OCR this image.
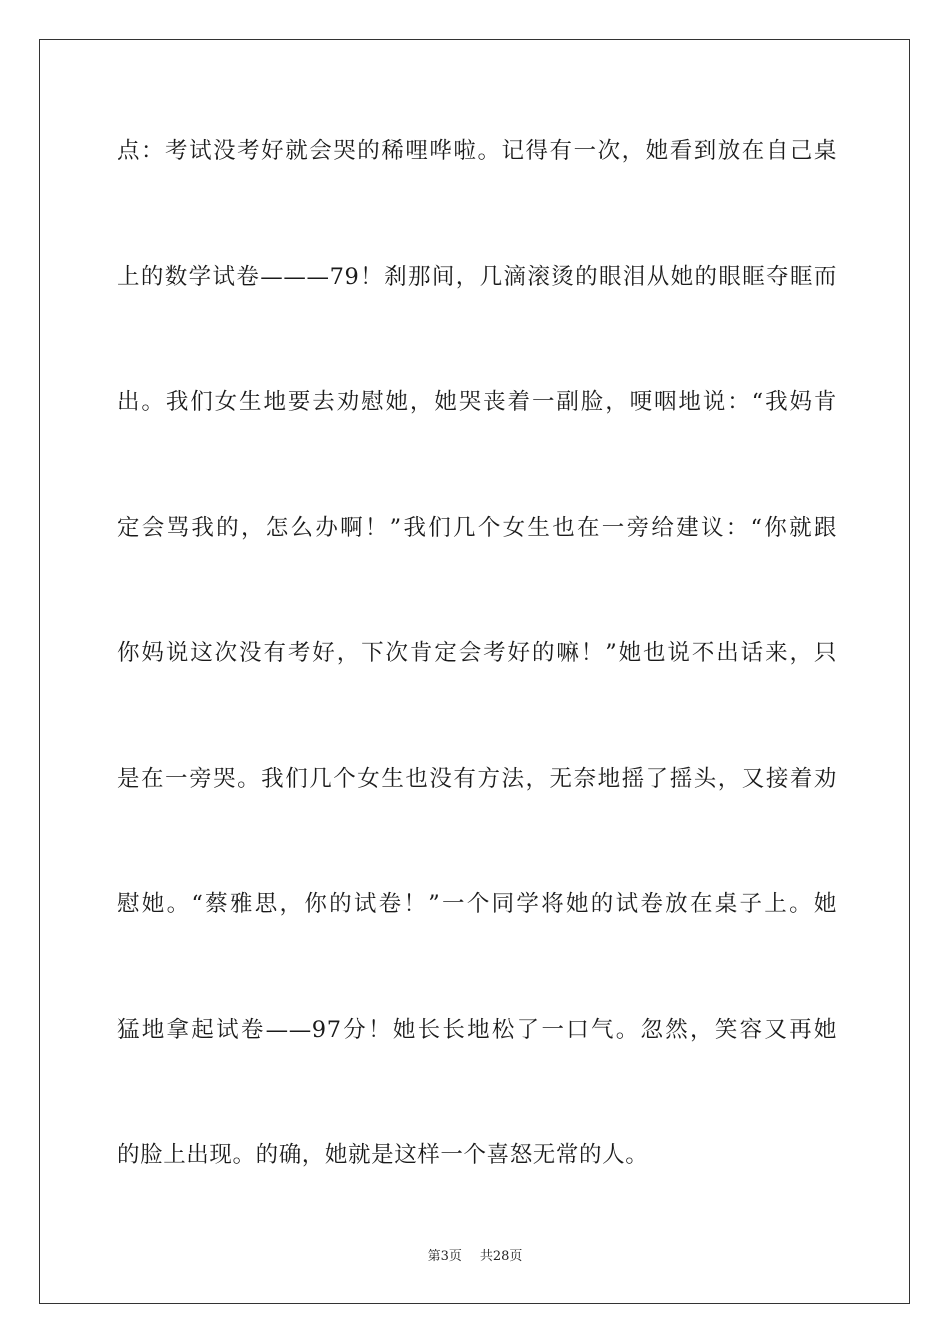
点：考试没考好就会哭的稀哩哗啦。记得有一次，她看到放在自己桌
上的数学试卷———79！刹那间，几滴滚烫的眼泪从她的眼眶夺眶而
出。我们女生地要去劝慰她，她哭丧着一副脸，哽咽地说：“我妈肯
定会骂我的，怎么办啊！”我们几个女生也在一旁给建议：“你就跟
你妈说这次没有考好，下次肯定会考好的嘛！”她也说不出话来，只
是在一旁哭。我们几个女生也没有方法，无奈地摇了摇头，又接着劝
慰她。“蔡雅思，你的试卷！”一个同学将她的试卷放在桌子上。她
猛地拿起试卷——97分！她长长地松了一口气。忽然，笑容又再她
的脸上出现。的确，她就是这样一个喜怒无常的人。
第3页 共28页
